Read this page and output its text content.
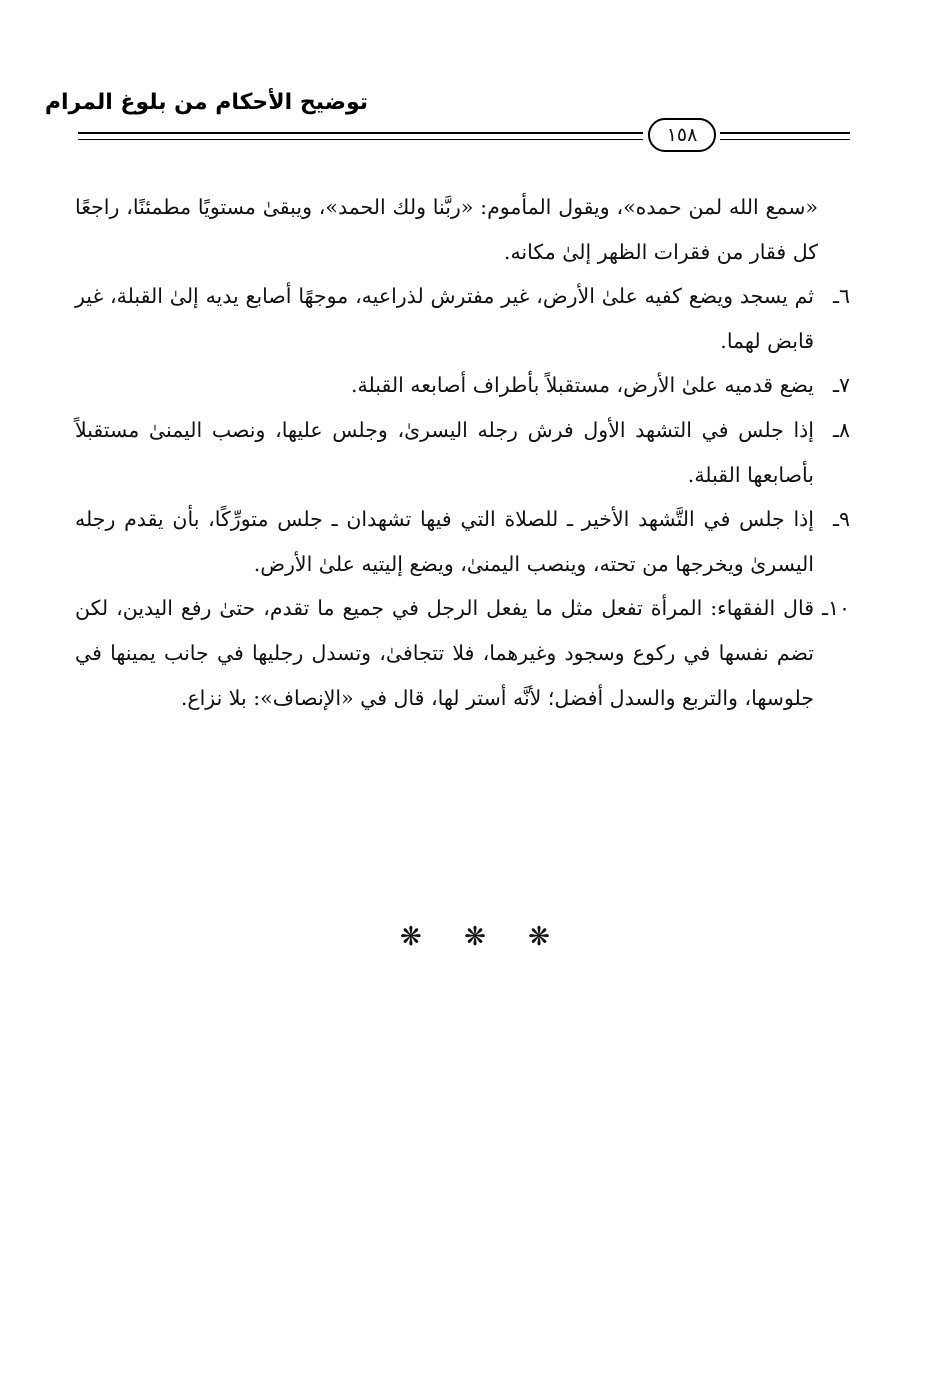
توضيح الأحكام من بلوغ المرام
١٥٨

«سمع الله لمن حمده»، ويقول المأموم: «ربَّنا ولك الحمد»، ويبقىٰ مستويًا مطمئنًا، راجعًا كل فقار من فقرات الظهر إلىٰ مكانه.

٦ـ
ثم يسجد ويضع كفيه علىٰ الأرض، غير مفترش لذراعيه، موجهًا أصابع يديه إلىٰ القبلة، غير قابض لهما.
٧ـ
يضع قدميه علىٰ الأرض، مستقبلاً بأطراف أصابعه القبلة.
٨ـ
إذا جلس في التشهد الأول فرش رجله اليسرىٰ، وجلس عليها، ونصب اليمنىٰ مستقبلاً بأصابعها القبلة.
٩ـ
إذا جلس في التَّشهد الأخير ـ للصلاة التي فيها تشهدان ـ جلس متورِّكًا، بأن يقدم رجله اليسرىٰ ويخرجها من تحته، وينصب اليمنىٰ، ويضع إليتيه علىٰ الأرض.
١٠ـ
قال الفقهاء: المرأة تفعل مثل ما يفعل الرجل في جميع ما تقدم، حتىٰ رفع اليدين، لكن تضم نفسها في ركوع وسجود وغيرهما، فلا تتجافىٰ، وتسدل رجليها في جانب يمينها في جلوسها، والتربع والسدل أفضل؛ لأنَّه أستر لها، قال في «الإنصاف»: بلا نزاع.
❋ ❋ ❋
